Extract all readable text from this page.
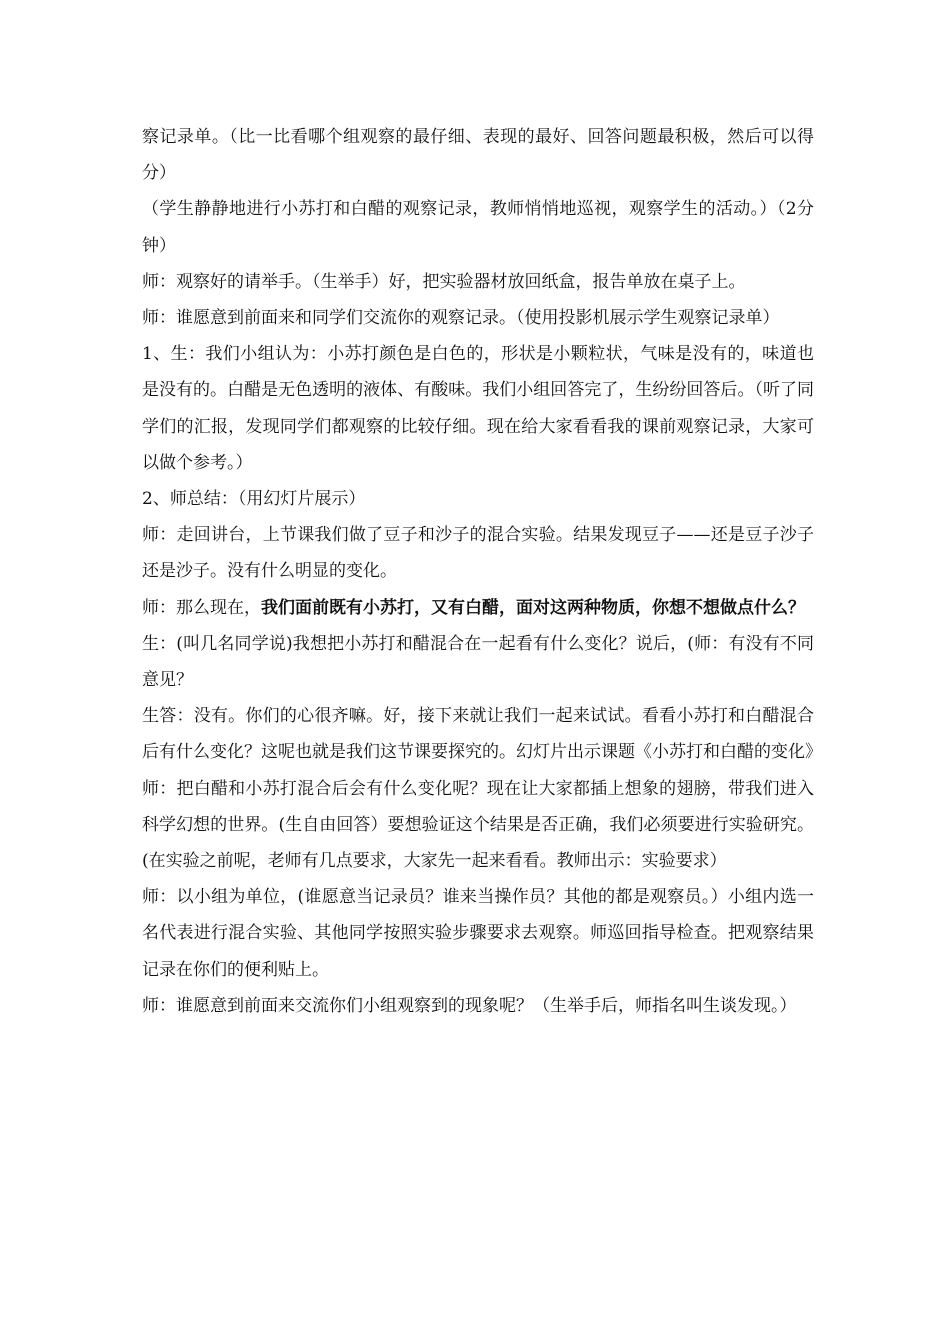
察记录单。（比一比看哪个组观察的最仔细、表现的最好、回答问题最积极，然后可以得分）

（学生静静地进行小苏打和白醋的观察记录，教师悄悄地巡视，观察学生的活动。）（2分钟）

师：观察好的请举手。（生举手）好，把实验器材放回纸盒，报告单放在桌子上。

师：谁愿意到前面来和同学们交流你的观察记录。（使用投影机展示学生观察记录单）

1、生：我们小组认为：小苏打颜色是白色的，形状是小颗粒状，气味是没有的，味道也是没有的。白醋是无色透明的液体、有酸味。我们小组回答完了，生纷纷回答后。（听了同学们的汇报，发现同学们都观察的比较仔细。现在给大家看看我的课前观察记录，大家可以做个参考。）

2、师总结：（用幻灯片展示）

师：走回讲台，上节课我们做了豆子和沙子的混合实验。结果发现豆子——还是豆子沙子还是沙子。没有什么明显的变化。

师：那么现在，我们面前既有小苏打，又有白醋，面对这两种物质，你想不想做点什么？

生：(叫几名同学说)我想把小苏打和醋混合在一起看有什么变化？说后，(师：有没有不同意见？

生答：没有。你们的心很齐嘛。好，接下来就让我们一起来试试。看看小苏打和白醋混合后有什么变化？这呢也就是我们这节课要探究的。幻灯片出示课题《小苏打和白醋的变化》

师：把白醋和小苏打混合后会有什么变化呢？现在让大家都插上想象的翅膀，带我们进入科学幻想的世界。(生自由回答）要想验证这个结果是否正确，我们必须要进行实验研究。(在实验之前呢，老师有几点要求，大家先一起来看看。教师出示：实验要求）

师：以小组为单位，(谁愿意当记录员？谁来当操作员？其他的都是观察员。）小组内选一名代表进行混合实验、其他同学按照实验步骤要求去观察。师巡回指导检查。把观察结果记录在你们的便利贴上。

师：谁愿意到前面来交流你们小组观察到的现象呢？（生举手后，师指名叫生谈发现。）
